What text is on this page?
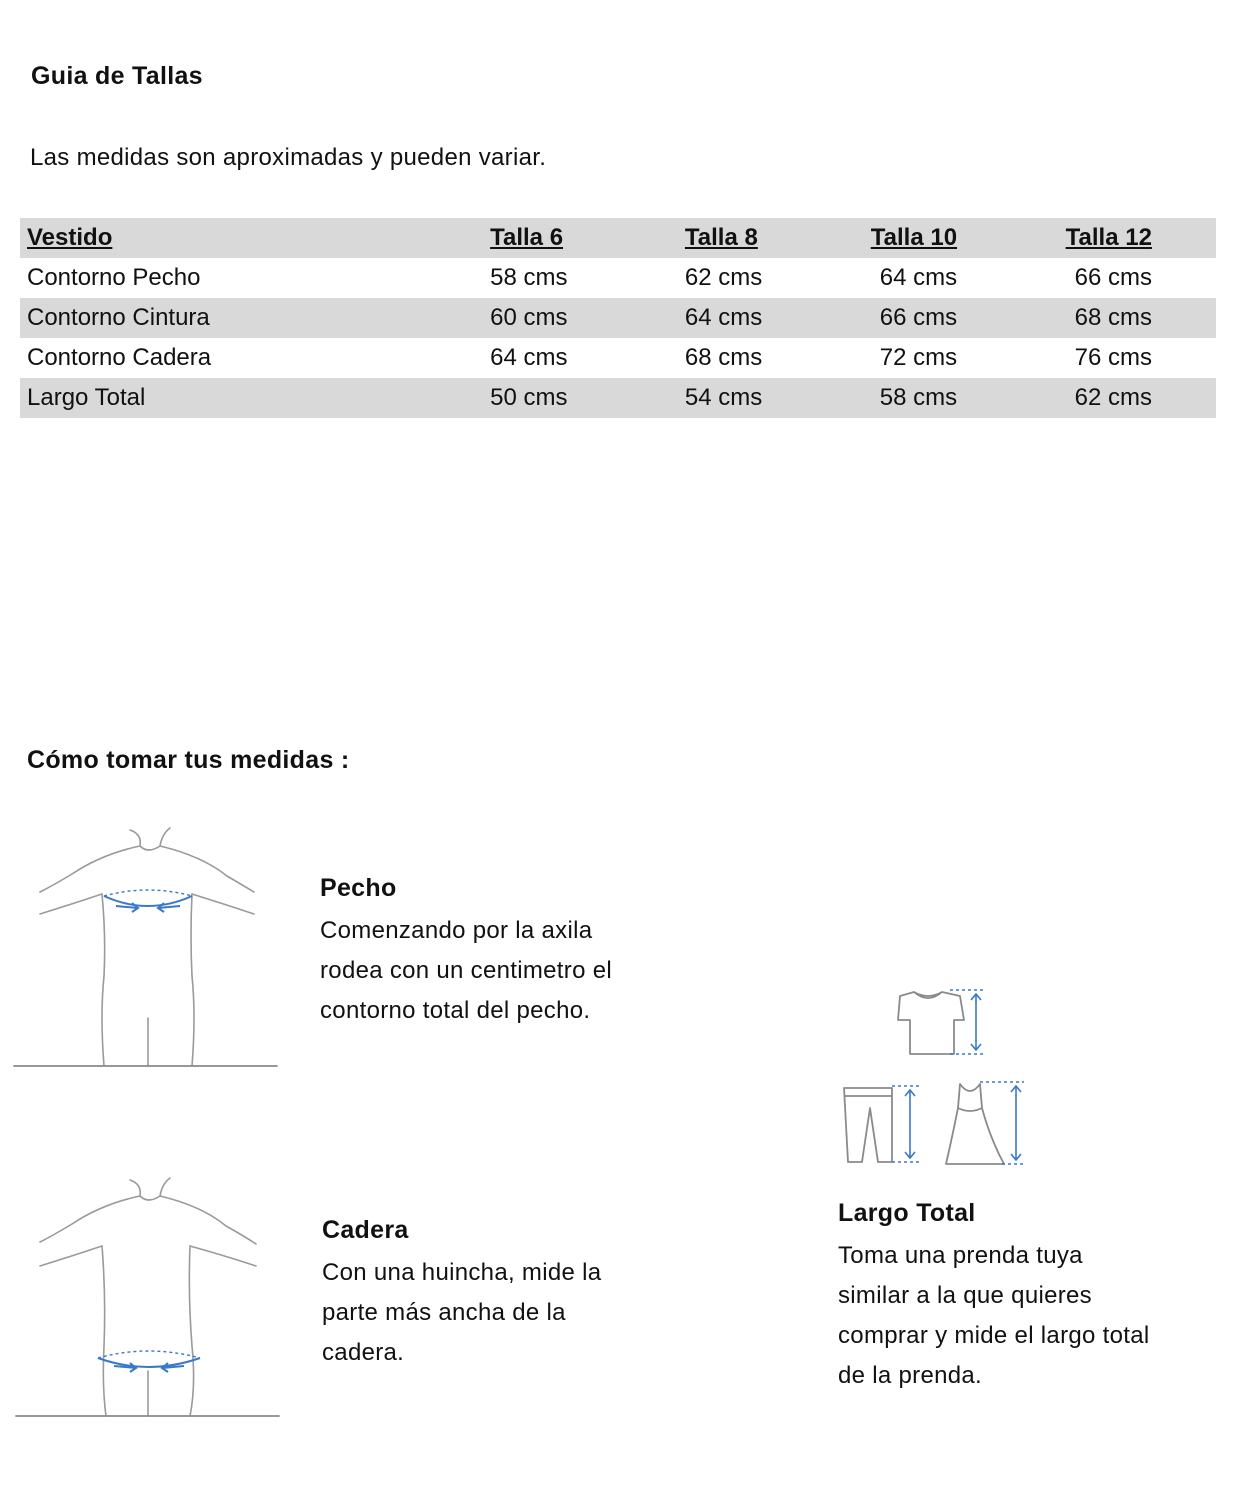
Guia de Tallas
Las medidas son aproximadas y pueden variar.
Vestido	Talla 6	Talla 8	Talla 10	Talla 12
Contorno Pecho	58 cms	62 cms	64 cms	66 cms
Contorno Cintura	60 cms	64 cms	66 cms	68 cms
Contorno Cadera	64 cms	68 cms	72 cms	76 cms
Largo Total	50 cms	54 cms	58 cms	62 cms
Cómo tomar tus medidas :
Pecho
Comenzando por la axila
rodea con un centimetro el
contorno total del pecho.
Cadera
Con una huincha, mide la
parte más ancha de la
cadera.
Largo Total
Toma una prenda tuya
similar a la que quieres
comprar y mide el largo total
de la prenda.
